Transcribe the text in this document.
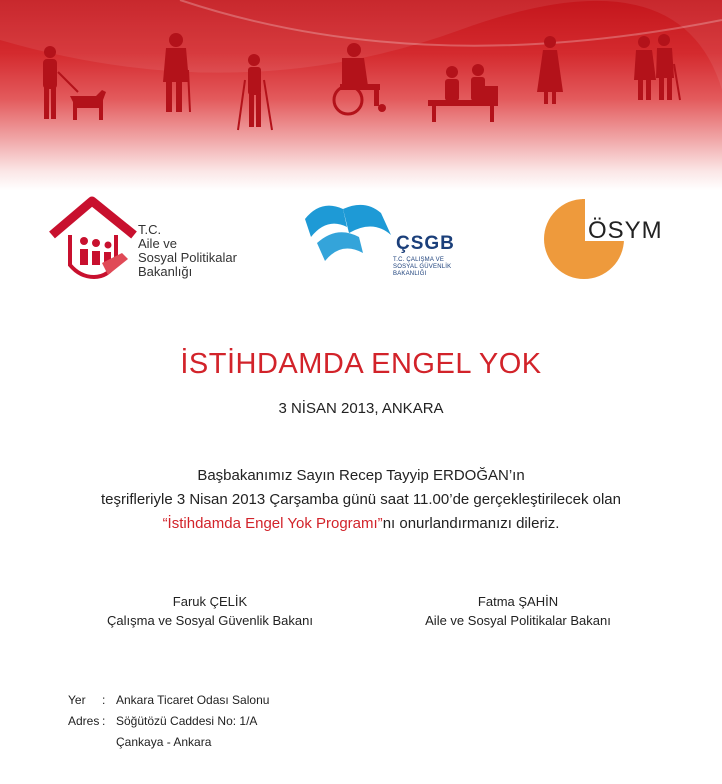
T.C.
Aile ve
Sosyal Politikalar
Bakanlığı
ÇSGB
T.C. ÇALIŞMA VE
SOSYAL GÜVENLİK
BAKANLIĞI
ÖSYM
İSTİHDAMDA ENGEL YOK
3 NİSAN 2013, ANKARA
Başbakanımız Sayın Recep Tayyip ERDOĞAN’ın
teşrifleriyle 3 Nisan 2013 Çarşamba günü saat 11.00’de gerçekleştirilecek olan
“İstihdamda Engel Yok Programı”nı onurlandırmanızı dileriz.
Faruk ÇELİK
Çalışma ve Sosyal Güvenlik Bakanı
Fatma ŞAHİN
Aile ve Sosyal Politikalar Bakanı
Yer	: Ankara Ticaret Odası Salonu
Adres : Söğütözü Caddesi No: 1/A
Çankaya - Ankara
